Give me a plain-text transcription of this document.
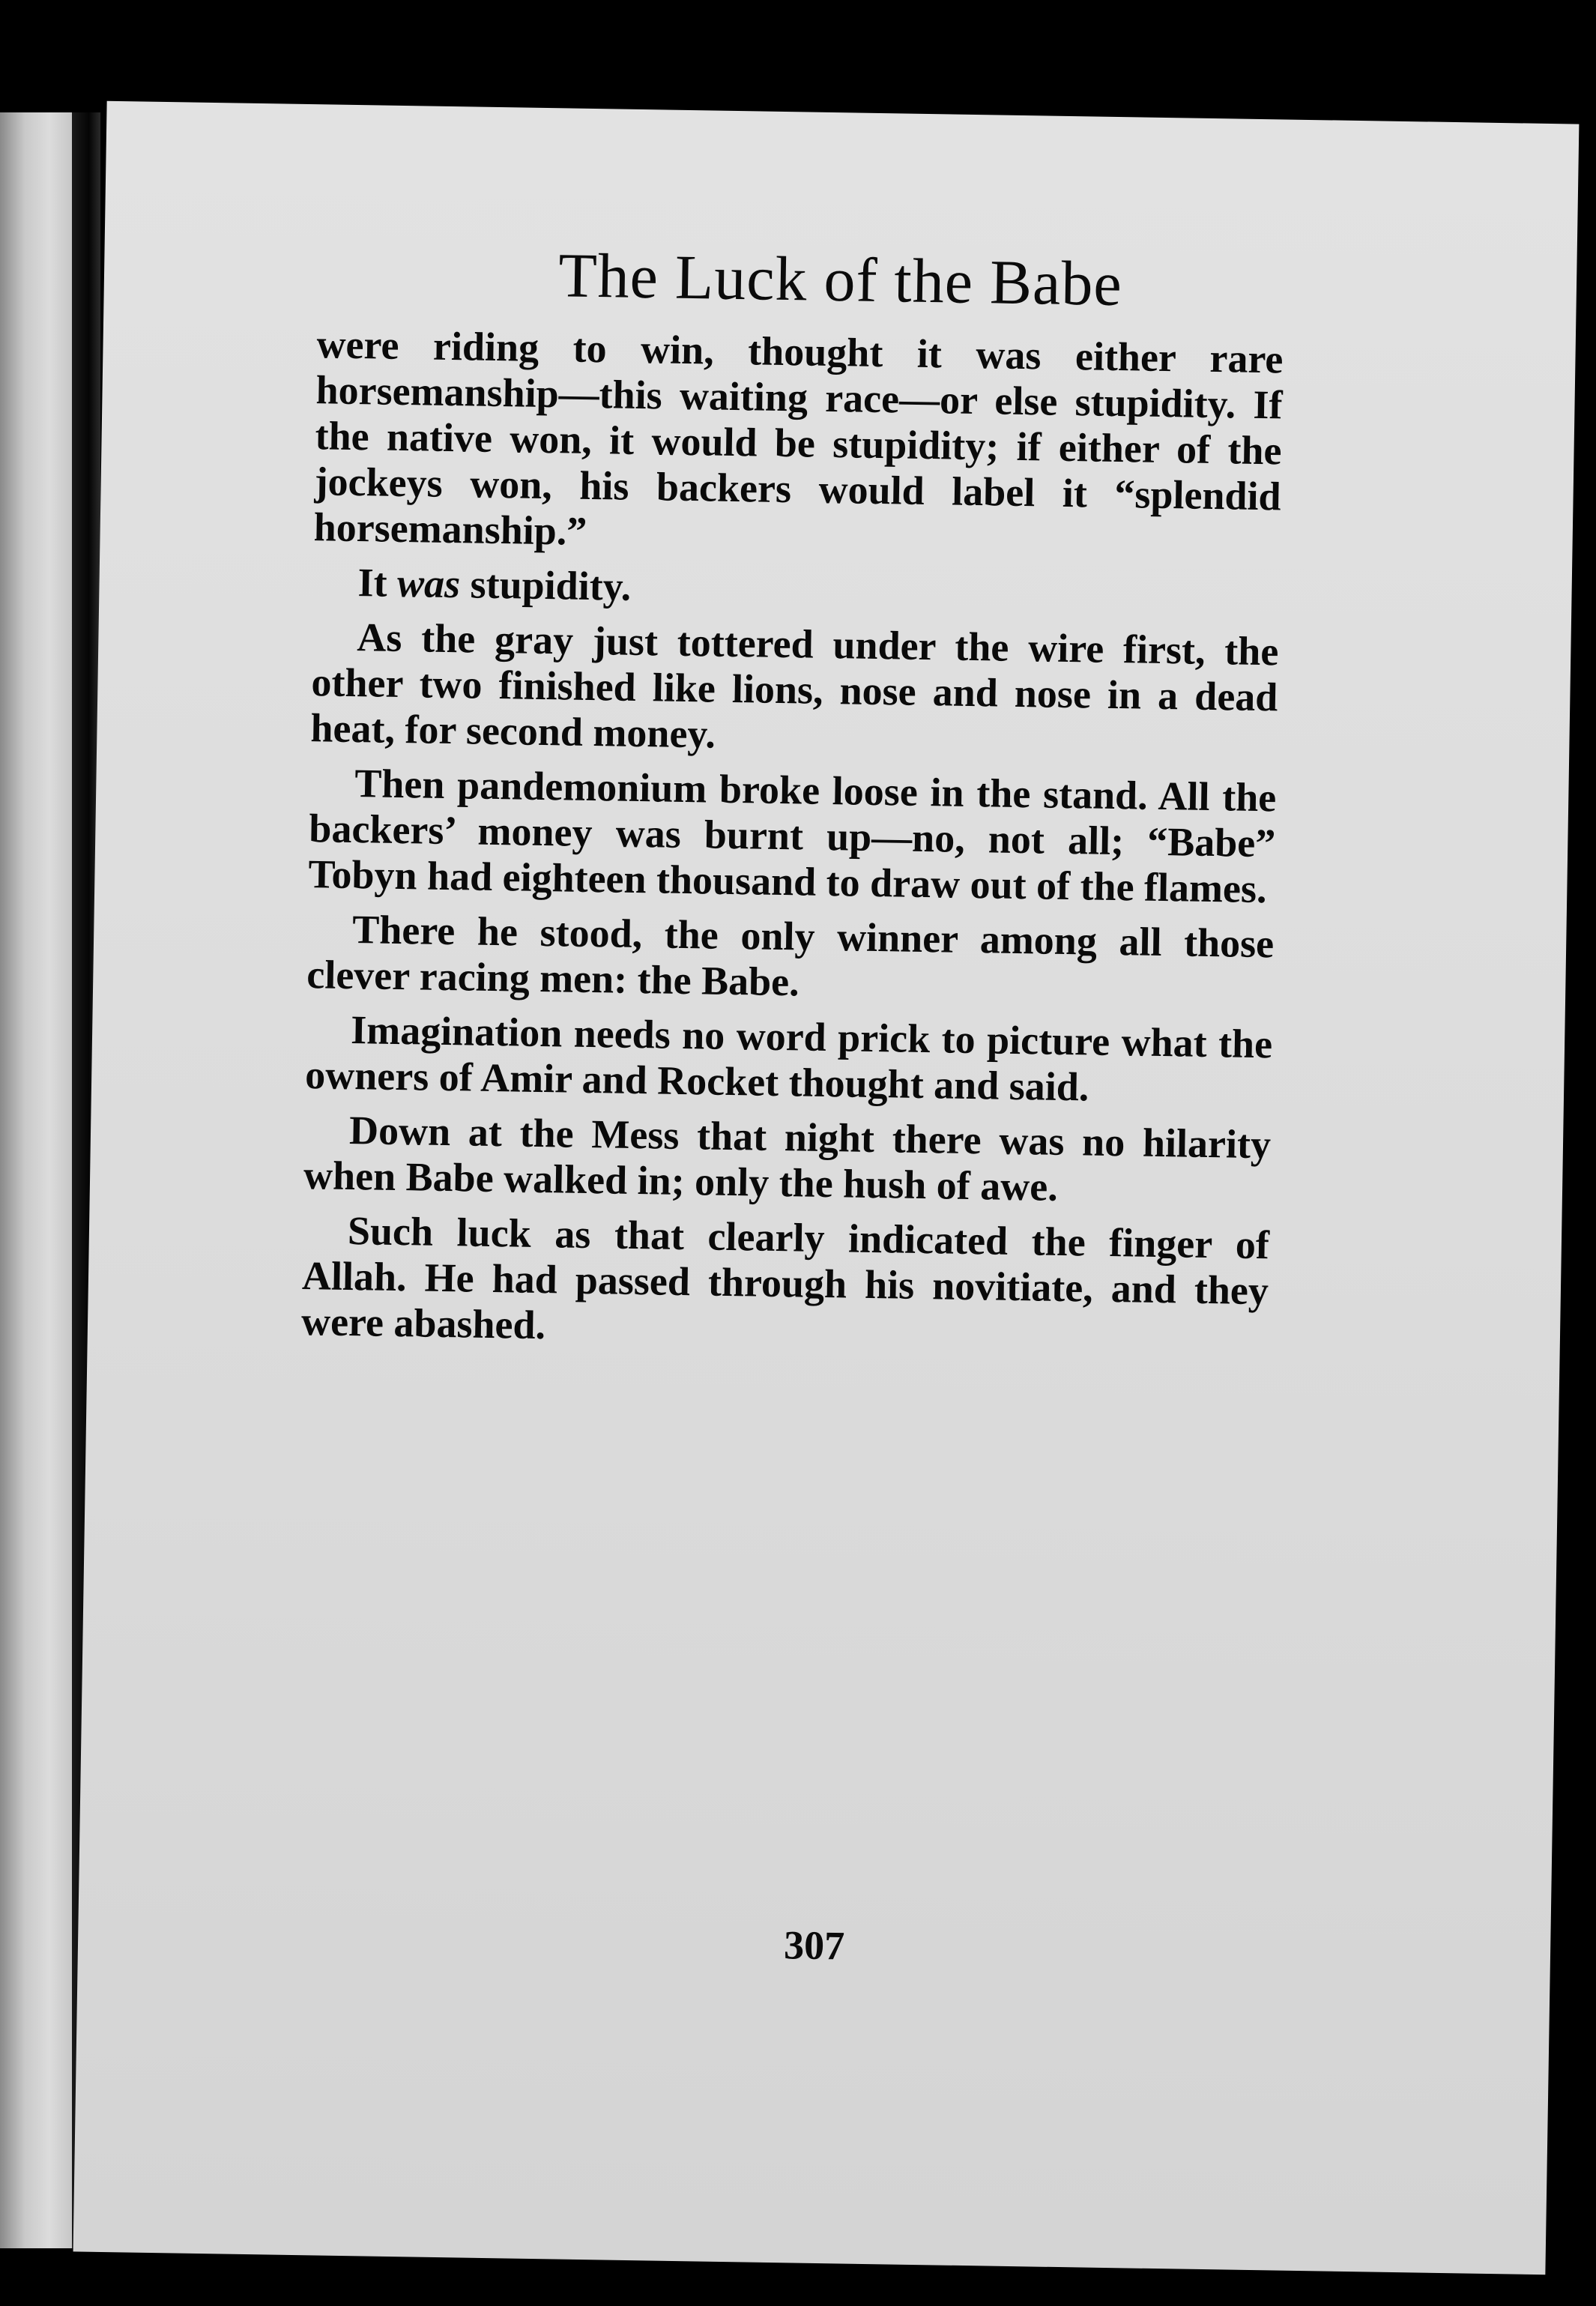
The Luck of the Babe

were riding to win, thought it was either rare horsemanship—this waiting race—or else stupidity. If the native won, it would be stupidity; if either of the jockeys won, his backers would label it “splendid horsemanship.”

It was stupidity.

As the gray just tottered under the wire first, the other two finished like lions, nose and nose in a dead heat, for second money.

Then pandemonium broke loose in the stand. All the backers’ money was burnt up—no, not all; “Babe” Tobyn had eighteen thousand to draw out of the flames.

There he stood, the only winner among all those clever racing men: the Babe.

Imagination needs no word prick to picture what the owners of Amir and Rocket thought and said.

Down at the Mess that night there was no hilarity when Babe walked in; only the hush of awe.

Such luck as that clearly indicated the finger of Allah. He had passed through his novitiate, and they were abashed.

307
